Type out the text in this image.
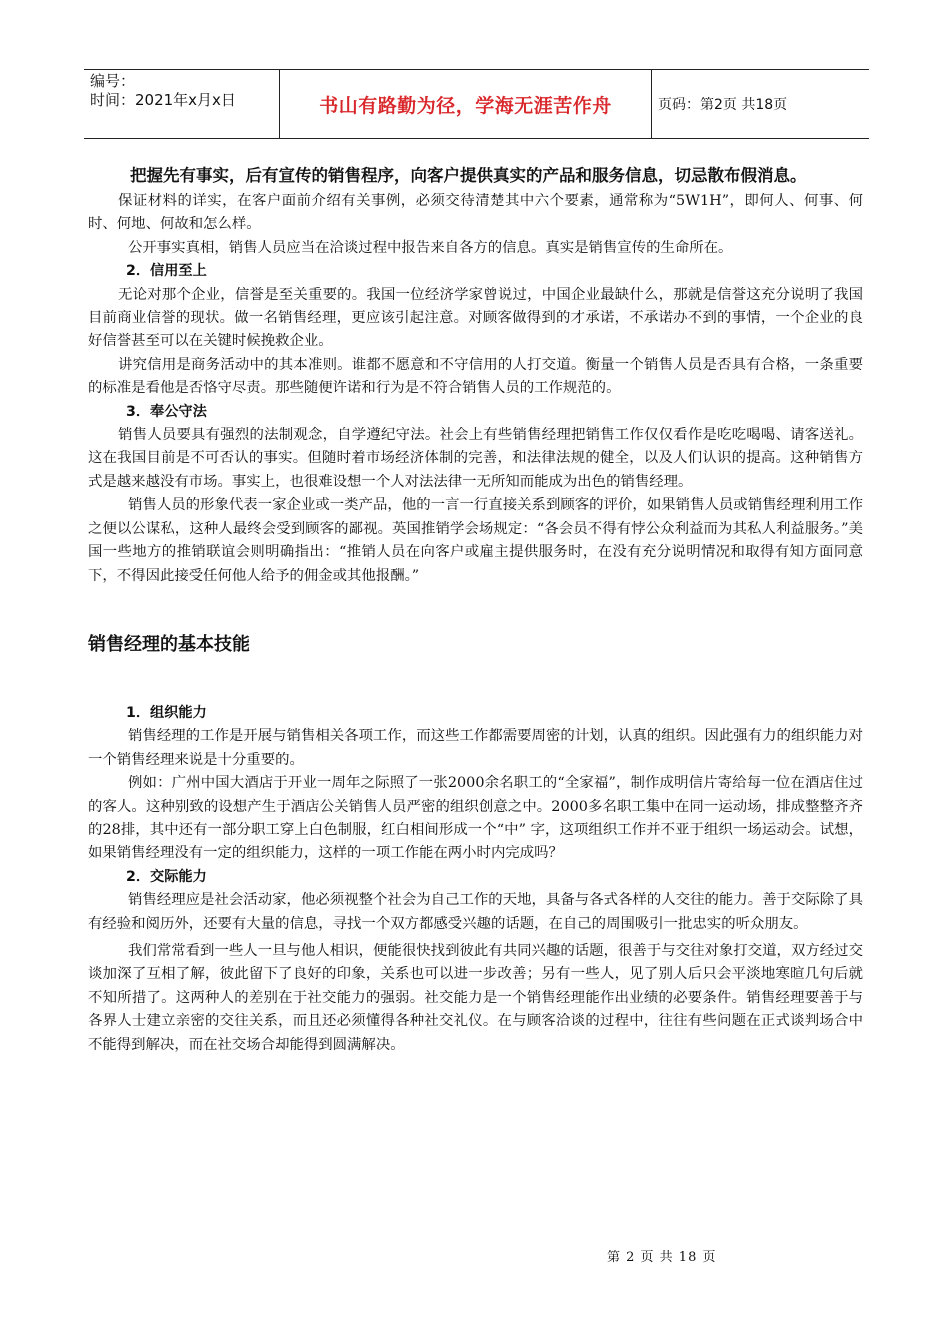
编号：
时间：2021年x月x日	书山有路勤为径，学海无涯苦作舟	页码：第2页 共18页

把握先有事实，后有宣传的销售程序，向客户提供真实的产品和服务信息，切忌散布假消息。

保证材料的详实，在客户面前介绍有关事例，必须交待清楚其中六个要素，通常称为“5W1H”，即何人、何事、何时、何地、何故和怎么样。

公开事实真相，销售人员应当在洽谈过程中报告来自各方的信息。真实是销售宣传的生命所在。

2．信用至上

无论对那个企业，信誉是至关重要的。我国一位经济学家曾说过，中国企业最缺什么，那就是信誉这充分说明了我国目前商业信誉的现状。做一名销售经理，更应该引起注意。对顾客做得到的才承诺，不承诺办不到的事情，一个企业的良好信誉甚至可以在关键时候挽救企业。

讲究信用是商务活动中的其本准则。谁都不愿意和不守信用的人打交道。衡量一个销售人员是否具有合格，一条重要的标准是看他是否恪守尽责。那些随便许诺和行为是不符合销售人员的工作规范的。

3．奉公守法

销售人员要具有强烈的法制观念，自学遵纪守法。社会上有些销售经理把销售工作仅仅看作是吃吃喝喝、请客送礼。这在我国目前是不可否认的事实。但随时着市场经济体制的完善，和法律法规的健全，以及人们认识的提高。这种销售方式是越来越没有市场。事实上，也很难设想一个人对法法律一无所知而能成为出色的销售经理。

销售人员的形象代表一家企业或一类产品，他的一言一行直接关系到顾客的评价，如果销售人员或销售经理利用工作之便以公谋私，这种人最终会受到顾客的鄙视。英国推销学会场规定：“各会员不得有悖公众利益而为其私人利益服务。”美国一些地方的推销联谊会则明确指出：“推销人员在向客户或雇主提供服务时，在没有充分说明情况和取得有知方面同意下，不得因此接受任何他人给予的佣金或其他报酬。”

销售经理的基本技能

1．组织能力

销售经理的工作是开展与销售相关各项工作，而这些工作都需要周密的计划，认真的组织。因此强有力的组织能力对一个销售经理来说是十分重要的。

例如：广州中国大酒店于开业一周年之际照了一张2000余名职工的“全家福”，制作成明信片寄给每一位在酒店住过的客人。这种别致的设想产生于酒店公关销售人员严密的组织创意之中。2000多名职工集中在同一运动场，排成整整齐齐的28排，其中还有一部分职工穿上白色制服，红白相间形成一个“中” 字，这项组织工作并不亚于组织一场运动会。试想，如果销售经理没有一定的组织能力，这样的一项工作能在两小时内完成吗？

2．交际能力

销售经理应是社会活动家，他必须视整个社会为自己工作的天地，具备与各式各样的人交往的能力。善于交际除了具有经验和阅历外，还要有大量的信息，寻找一个双方都感受兴趣的话题，在自己的周围吸引一批忠实的听众朋友。

我们常常看到一些人一旦与他人相识，便能很快找到彼此有共同兴趣的话题，很善于与交往对象打交道，双方经过交谈加深了互相了解，彼此留下了良好的印象，关系也可以进一步改善；另有一些人，见了别人后只会平淡地寒暄几句后就不知所措了。这两种人的差别在于社交能力的强弱。社交能力是一个销售经理能作出业绩的必要条件。销售经理要善于与各界人士建立亲密的交往关系，而且还必须懂得各种社交礼仪。在与顾客洽谈的过程中，往往有些问题在正式谈判场合中不能得到解决，而在社交场合却能得到圆满解决。

第 2 页 共 18 页
